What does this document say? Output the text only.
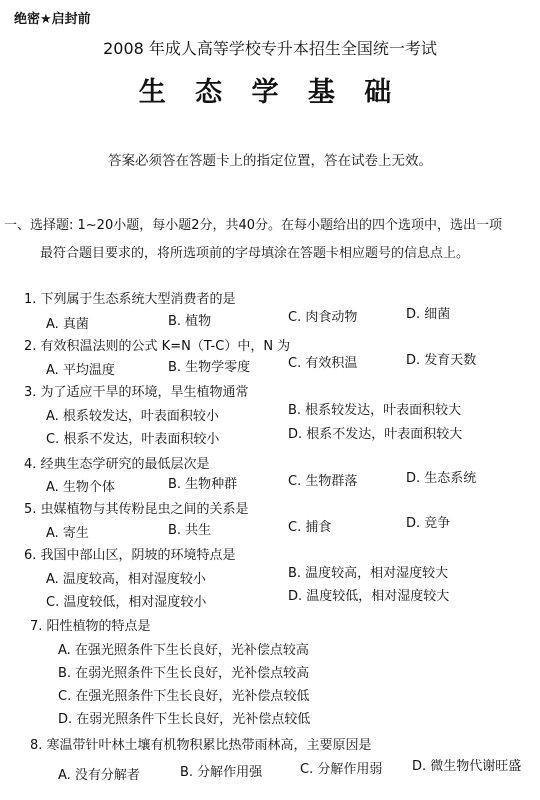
绝密★启封前
2008 年成人高等学校专升本招生全国统一考试
生 态 学 基 础
答案必须答在答题卡上的指定位置，答在试卷上无效。
一、选择题: 1~20小题，每小题2分，共40分。在每小题给出的四个选项中，选出一项
最符合题目要求的，将所选项前的字母填涂在答题卡相应题号的信息点上。
1. 下列属于生态系统大型消费者的是
A. 真菌	B. 植物	C. 肉食动物	D. 细菌
2. 有效积温法则的公式 K=N（T-C）中，N 为
A. 平均温度	B. 生物学零度	C. 有效积温	D. 发育天数
3. 为了适应干旱的环境，旱生植物通常
A. 根系较发达，叶表面积较小	B. 根系较发达，叶表面积较大
C. 根系不发达，叶表面积较小	D. 根系不发达，叶表面积较大
4. 经典生态学研究的最低层次是
A. 生物个体	B. 生物种群	C. 生物群落	D. 生态系统
5. 虫媒植物与其传粉昆虫之间的关系是
A. 寄生	B. 共生	C. 捕食	D. 竞争
6. 我国中部山区，阴坡的环境特点是
A. 温度较高，相对湿度较小	B. 温度较高，相对湿度较大
C. 温度较低，相对湿度较小	D. 温度较低，相对湿度较大
7. 阳性植物的特点是
A. 在强光照条件下生长良好，光补偿点较高
B. 在弱光照条件下生长良好，光补偿点较高
C. 在强光照条件下生长良好，光补偿点较低
D. 在弱光照条件下生长良好，光补偿点较低
8. 寒温带针叶林土壤有机物积累比热带雨林高，主要原因是
A. 没有分解者	B. 分解作用强	C. 分解作用弱 D. 微生物代谢旺盛
